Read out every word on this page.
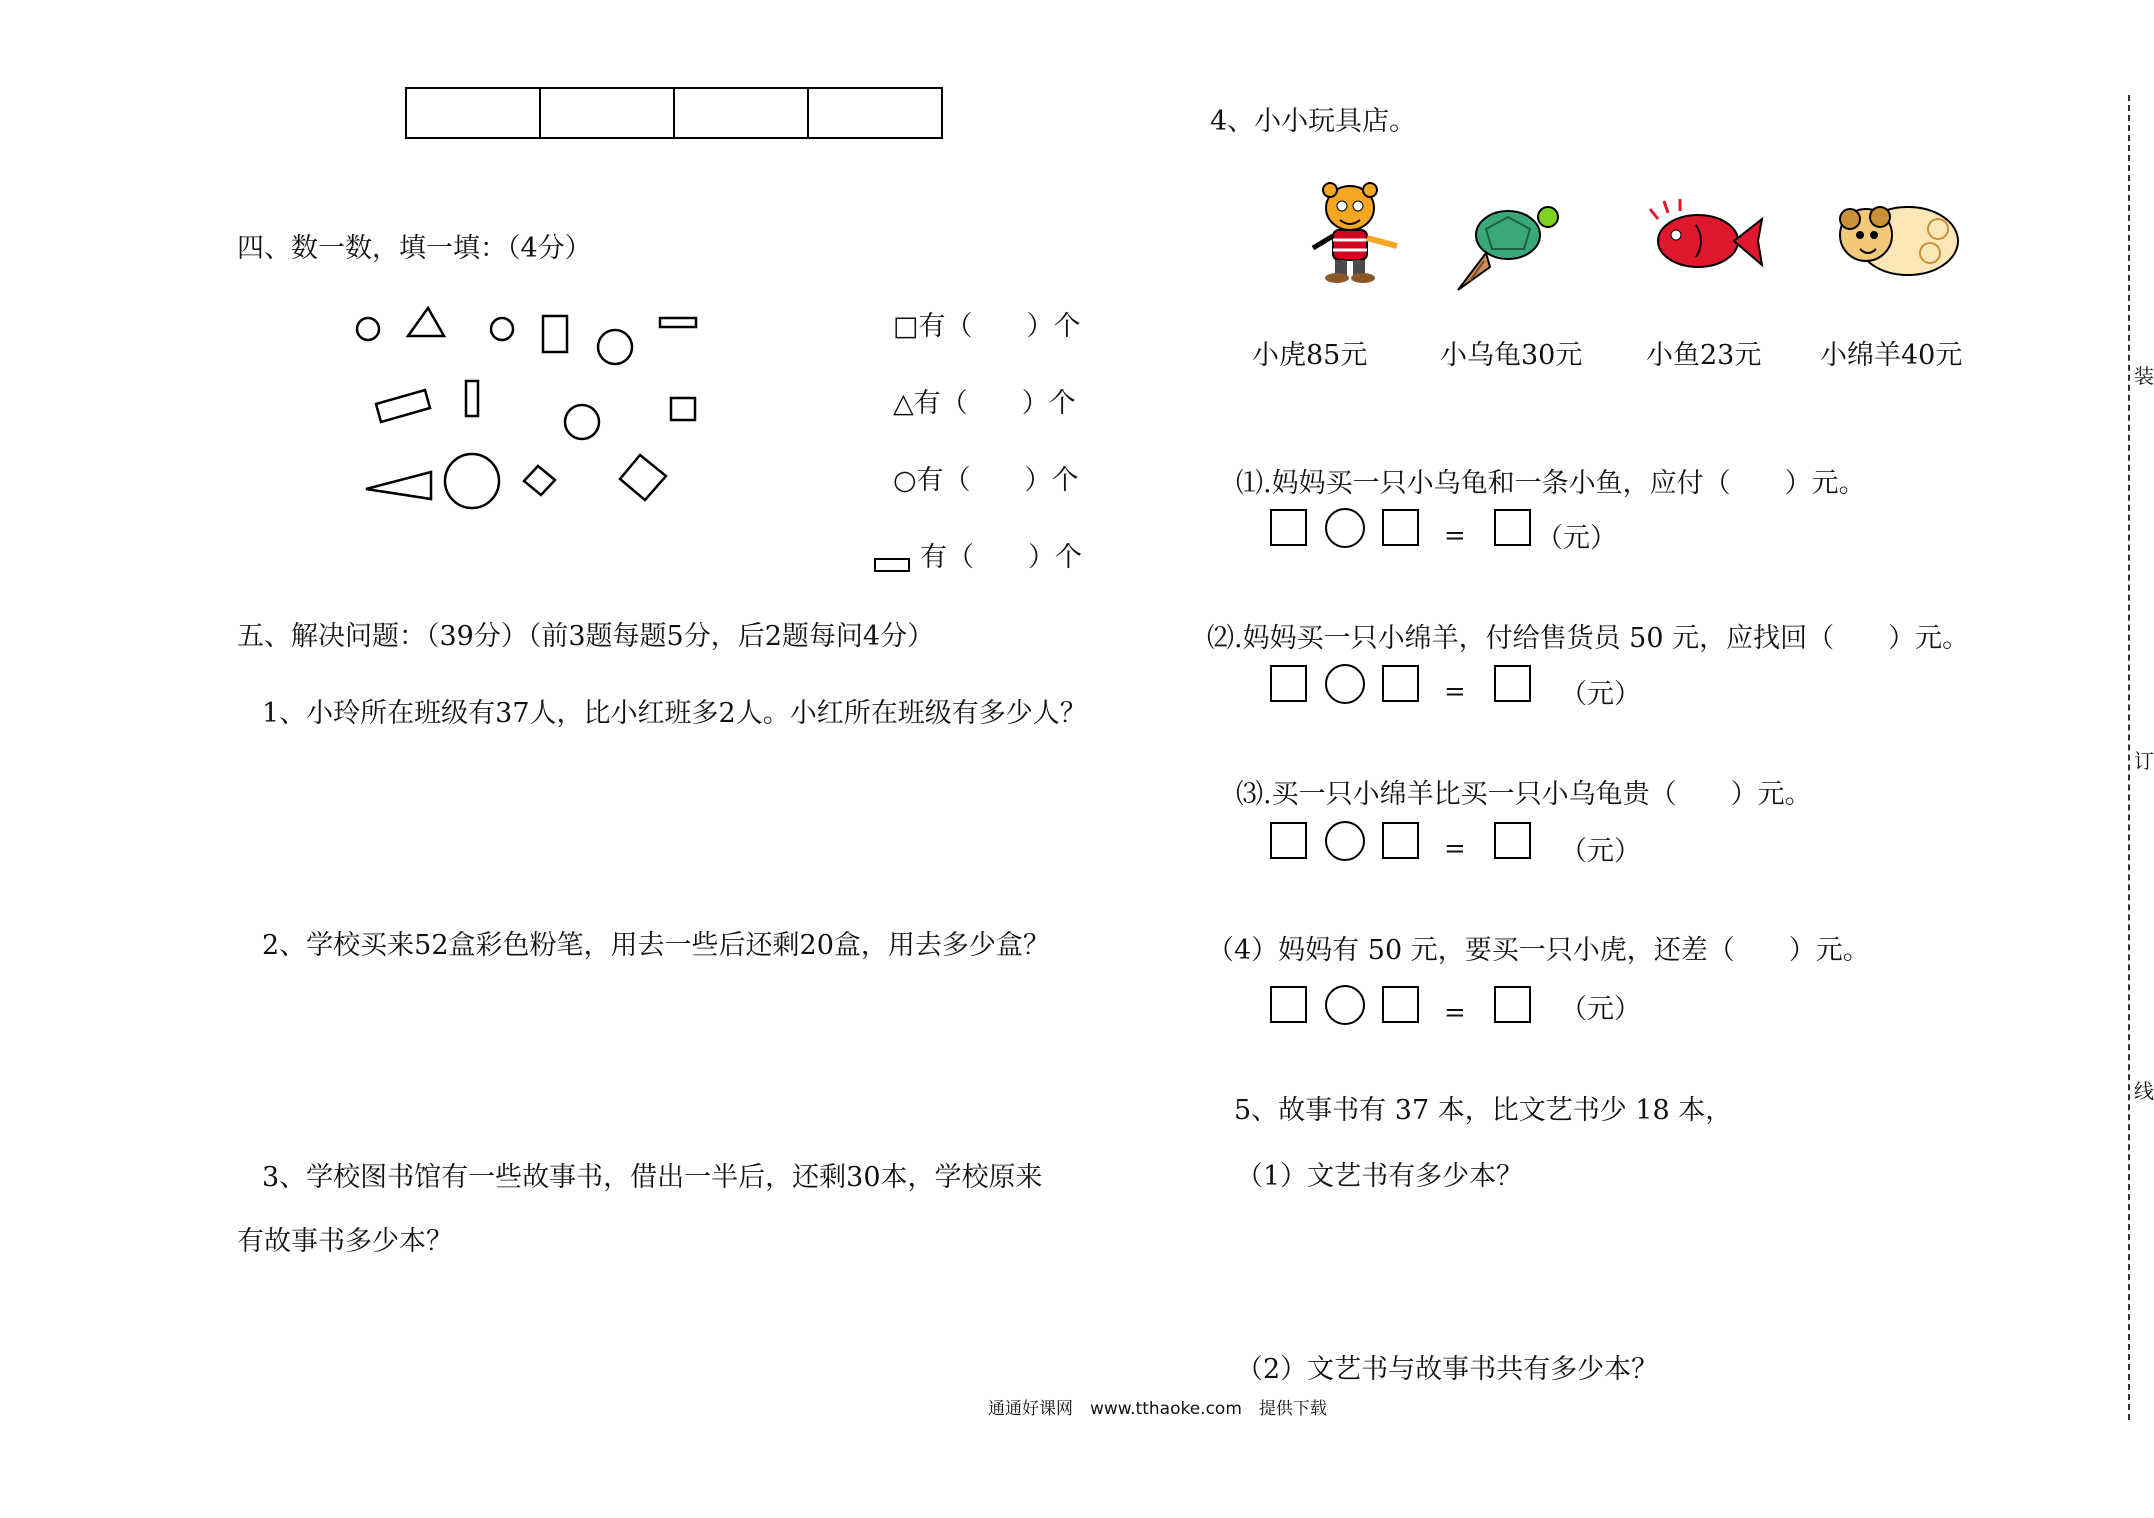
四、数一数，填一填：（4分）
□有（　　）个
△有（　　）个
○有（　　）个
有（　　）个
五、解决问题：（39分）（前3题每题5分，后2题每问4分）
1、小玲所在班级有37人，比小红班多2人。小红所在班级有多少人？
2、学校买来52盒彩色粉笔，用去一些后还剩20盒，用去多少盒？
3、学校图书馆有一些故事书，借出一半后，还剩30本，学校原来
有故事书多少本？
4、小小玩具店。
小虎85元	小乌龟30元 小鱼23元 小绵羊40元
⑴.妈妈买一只小乌龟和一条小鱼，应付（　　）元。
=	（元）
⑵.妈妈买一只小绵羊，付给售货员 50 元，应找回（　　）元。
=	（元）
⑶.买一只小绵羊比买一只小乌龟贵（　　）元。
=	（元）
（4）妈妈有 50 元，要买一只小虎，还差（　　）元。
=	（元）
5、故事书有 37 本，比文艺书少 18 本，
（1）文艺书有多少本？
（2）文艺书与故事书共有多少本？
装
订
线
通通好课网　www.tthaoke.com　提供下载
